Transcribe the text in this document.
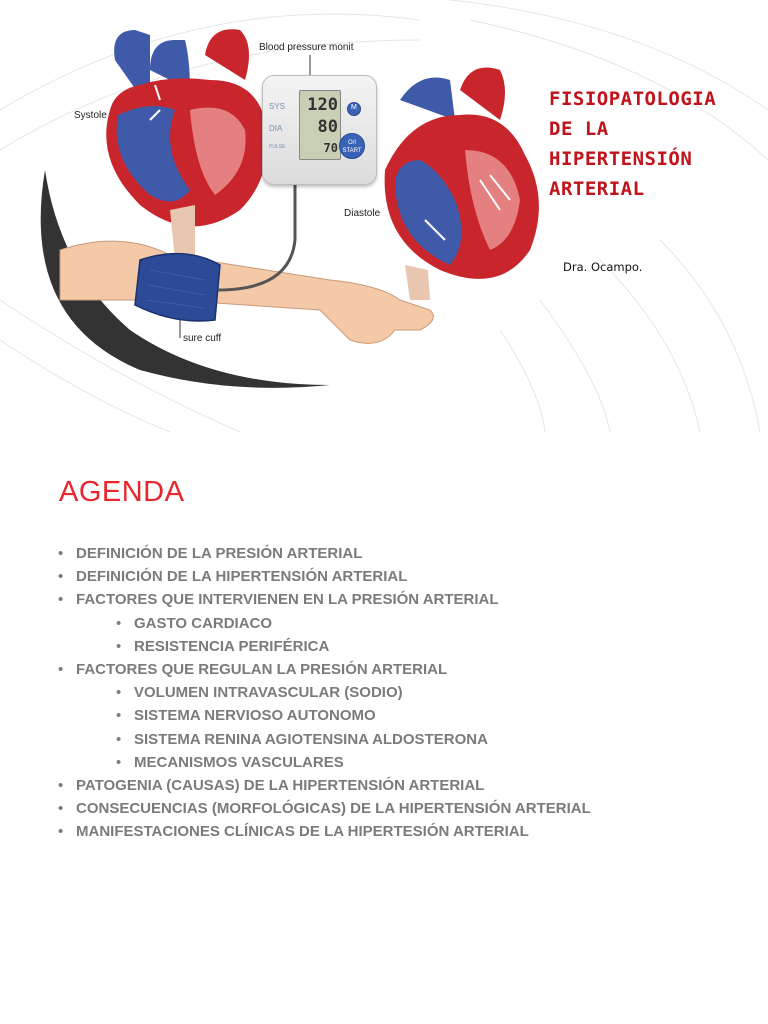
SYS
DIA
PULSE
120
80
70
M
O/I START
Blood pressure monit
Systole
Diastole
sure cuff
FISIOPATOLOGIA
DE LA
HIPERTENSIÓN
ARTERIAL
Dra. Ocampo.
AGENDA
• DEFINICIÓN DE LA PRESIÓN ARTERIAL
• DEFINICIÓN DE LA HIPERTENSIÓN ARTERIAL
• FACTORES QUE INTERVIENEN EN LA PRESIÓN ARTERIAL
• GASTO CARDIACO
• RESISTENCIA PERIFÉRICA
• FACTORES QUE REGULAN LA PRESIÓN ARTERIAL
• VOLUMEN INTRAVASCULAR (SODIO)
• SISTEMA NERVIOSO AUTONOMO
• SISTEMA RENINA AGIOTENSINA ALDOSTERONA
• MECANISMOS VASCULARES
• PATOGENIA (CAUSAS) DE LA HIPERTENSIÓN ARTERIAL
• CONSECUENCIAS (MORFOLÓGICAS) DE LA HIPERTENSIÓN ARTERIAL
• MANIFESTACIONES CLÍNICAS DE LA HIPERTESIÓN ARTERIAL
